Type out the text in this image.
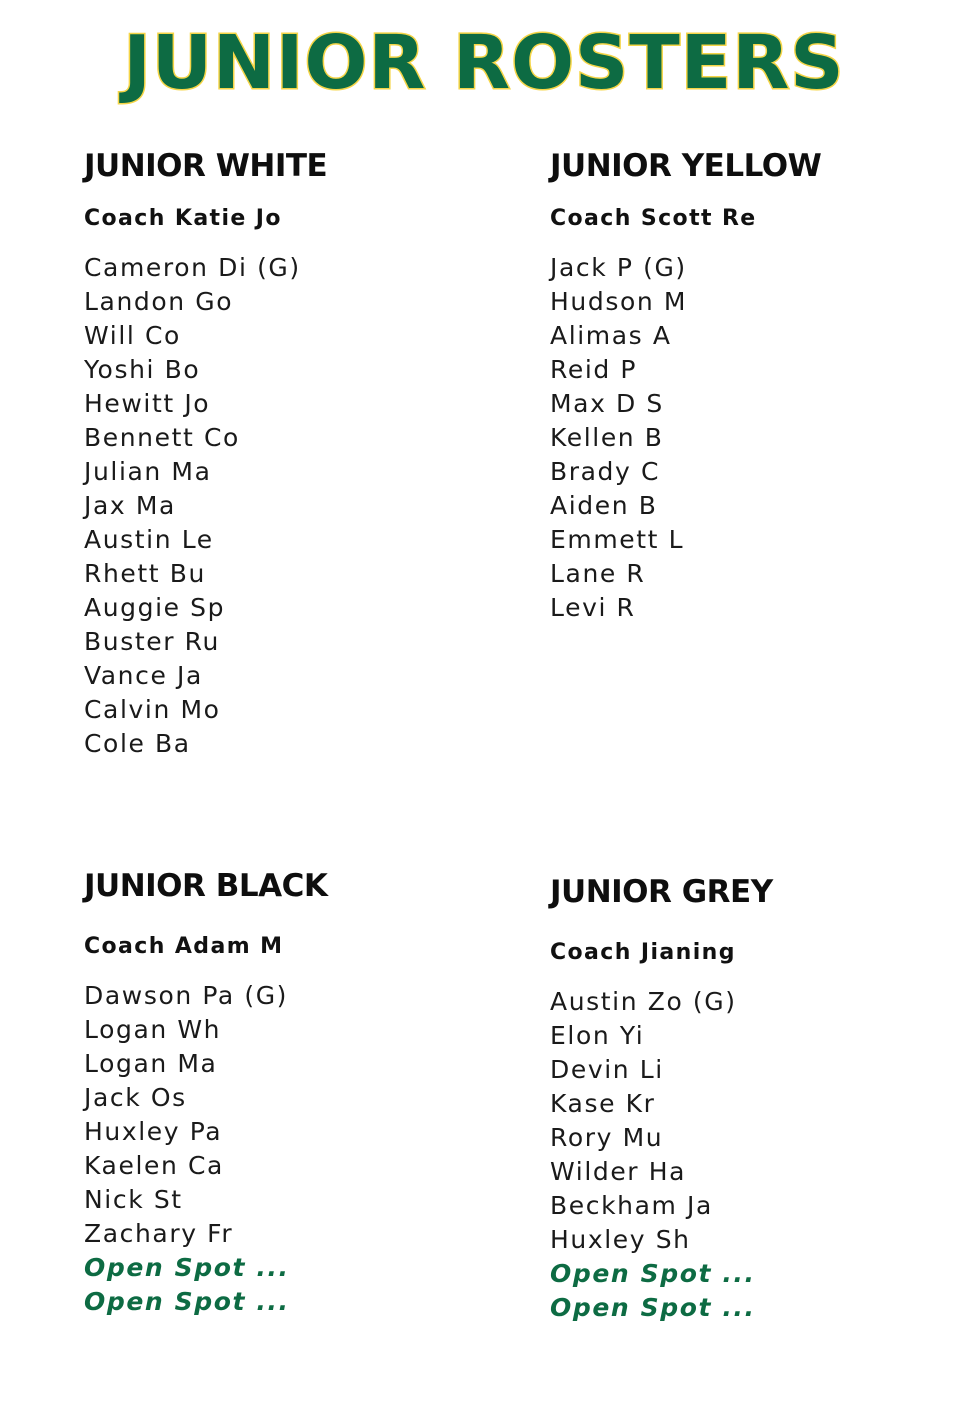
JUNIOR ROSTERS
JUNIOR WHITE

Coach Katie Jo

Cameron Di (G)
Landon Go
Will Co
Yoshi Bo
Hewitt Jo
Bennett Co
Julian Ma
Jax Ma
Austin Le
Rhett Bu
Auggie Sp
Buster Ru
Vance Ja
Calvin Mo
Cole Ba
JUNIOR YELLOW

Coach Scott Re

Jack P (G)
Hudson M
Alimas A
Reid P
Max D S
Kellen B
Brady C
Aiden B
Emmett L
Lane R
Levi R
JUNIOR BLACK

Coach Adam M

Dawson Pa (G)
Logan Wh
Logan Ma
Jack Os
Huxley Pa
Kaelen Ca
Nick St
Zachary Fr
Open Spot ...
Open Spot ...
JUNIOR GREY

Coach Jianing

Austin Zo (G)
Elon Yi
Devin Li
Kase Kr
Rory Mu
Wilder Ha
Beckham Ja
Huxley Sh
Open Spot ...
Open Spot ...
